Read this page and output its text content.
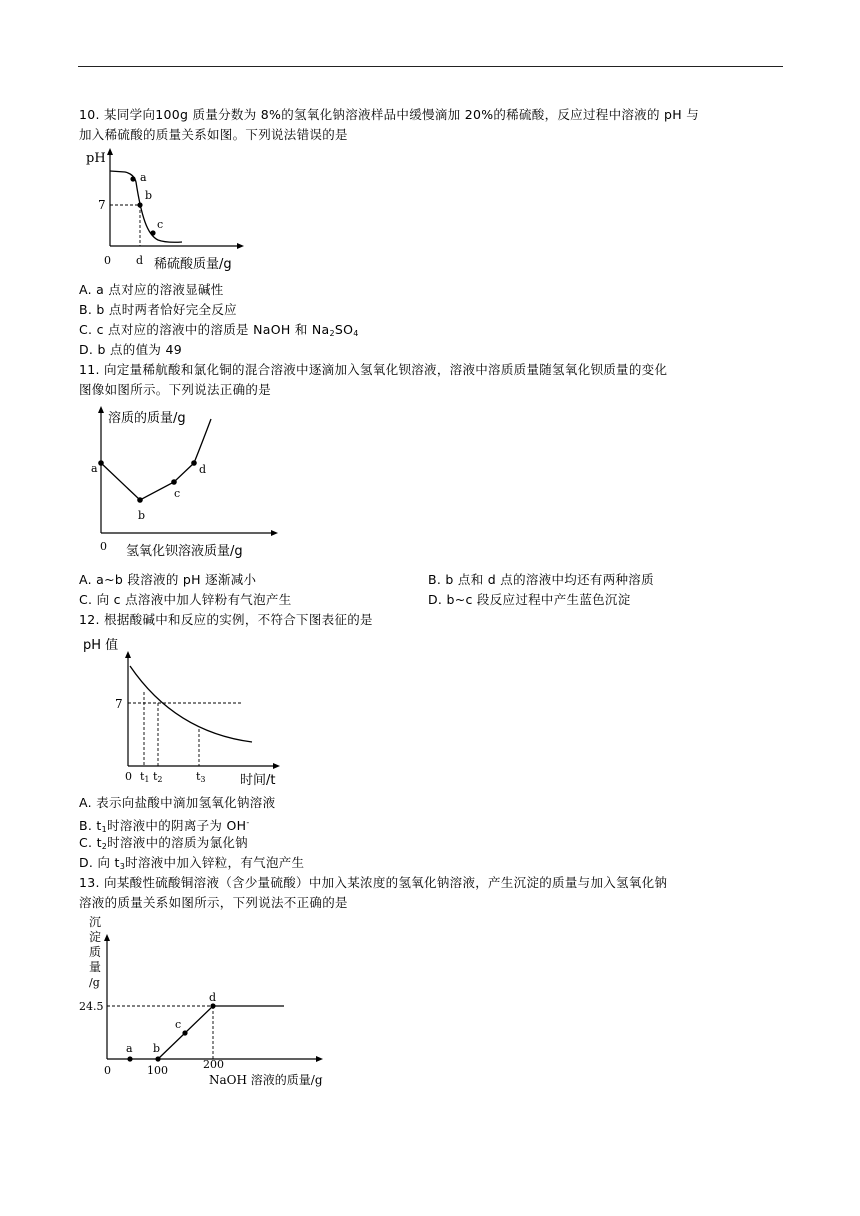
10. 某同学向100g 质量分数为 8%的氢氧化钠溶液样品中缓慢滴加 20%的稀硫酸，反应过程中溶液的 pH 与
加入稀硫酸的质量关系如图。下列说法错误的是
pH
7
0 d 稀硫酸质量/g
a
b
c
A. a 点对应的溶液显碱性
B. b 点时两者恰好完全反应
C. c 点对应的溶液中的溶质是 NaOH 和 $Na_2SO_4$
D. b 点的值为 49
11. 向定量稀航酸和氯化铜的混合溶液中逐滴加入氢氧化钡溶液，溶液中溶质质量随氢氧化钡质量的变化
图像如图所示。下列说法正确的是
溶质的质量/g
0 氢氧化钡溶液质量/g
a
b
c
d
A. a~b 段溶液的 pH 逐渐减小	B. b 点和 d 点的溶液中均还有两种溶质
C. 向 c 点溶液中加人锌粉有气泡产生	D. b~c 段反应过程中产生蓝色沉淀
12. 根据酸碱中和反应的实例，不符合下图表征的是
pH 值
7
0 t1 t2	t3	时间/t
A. 表示向盐酸中滴加氢氧化钠溶液
B. $t_1$时溶液中的阴离子为 OH-
C. $t_2$时溶液中的溶质为氯化钠
D. 向 $t_3$时溶液中加入锌粒，有气泡产生
13. 向某酸性硫酸铜溶液（含少量硫酸）中加入某浓度的氢氧化钠溶液，产生沉淀的质量与加入氢氧化钠
溶液的质量关系如图所示，下列说法不正确的是
沉
淀
质
量
/g
24.5
0	100	200
NaOH 溶液的质量/g
a b
c
d
